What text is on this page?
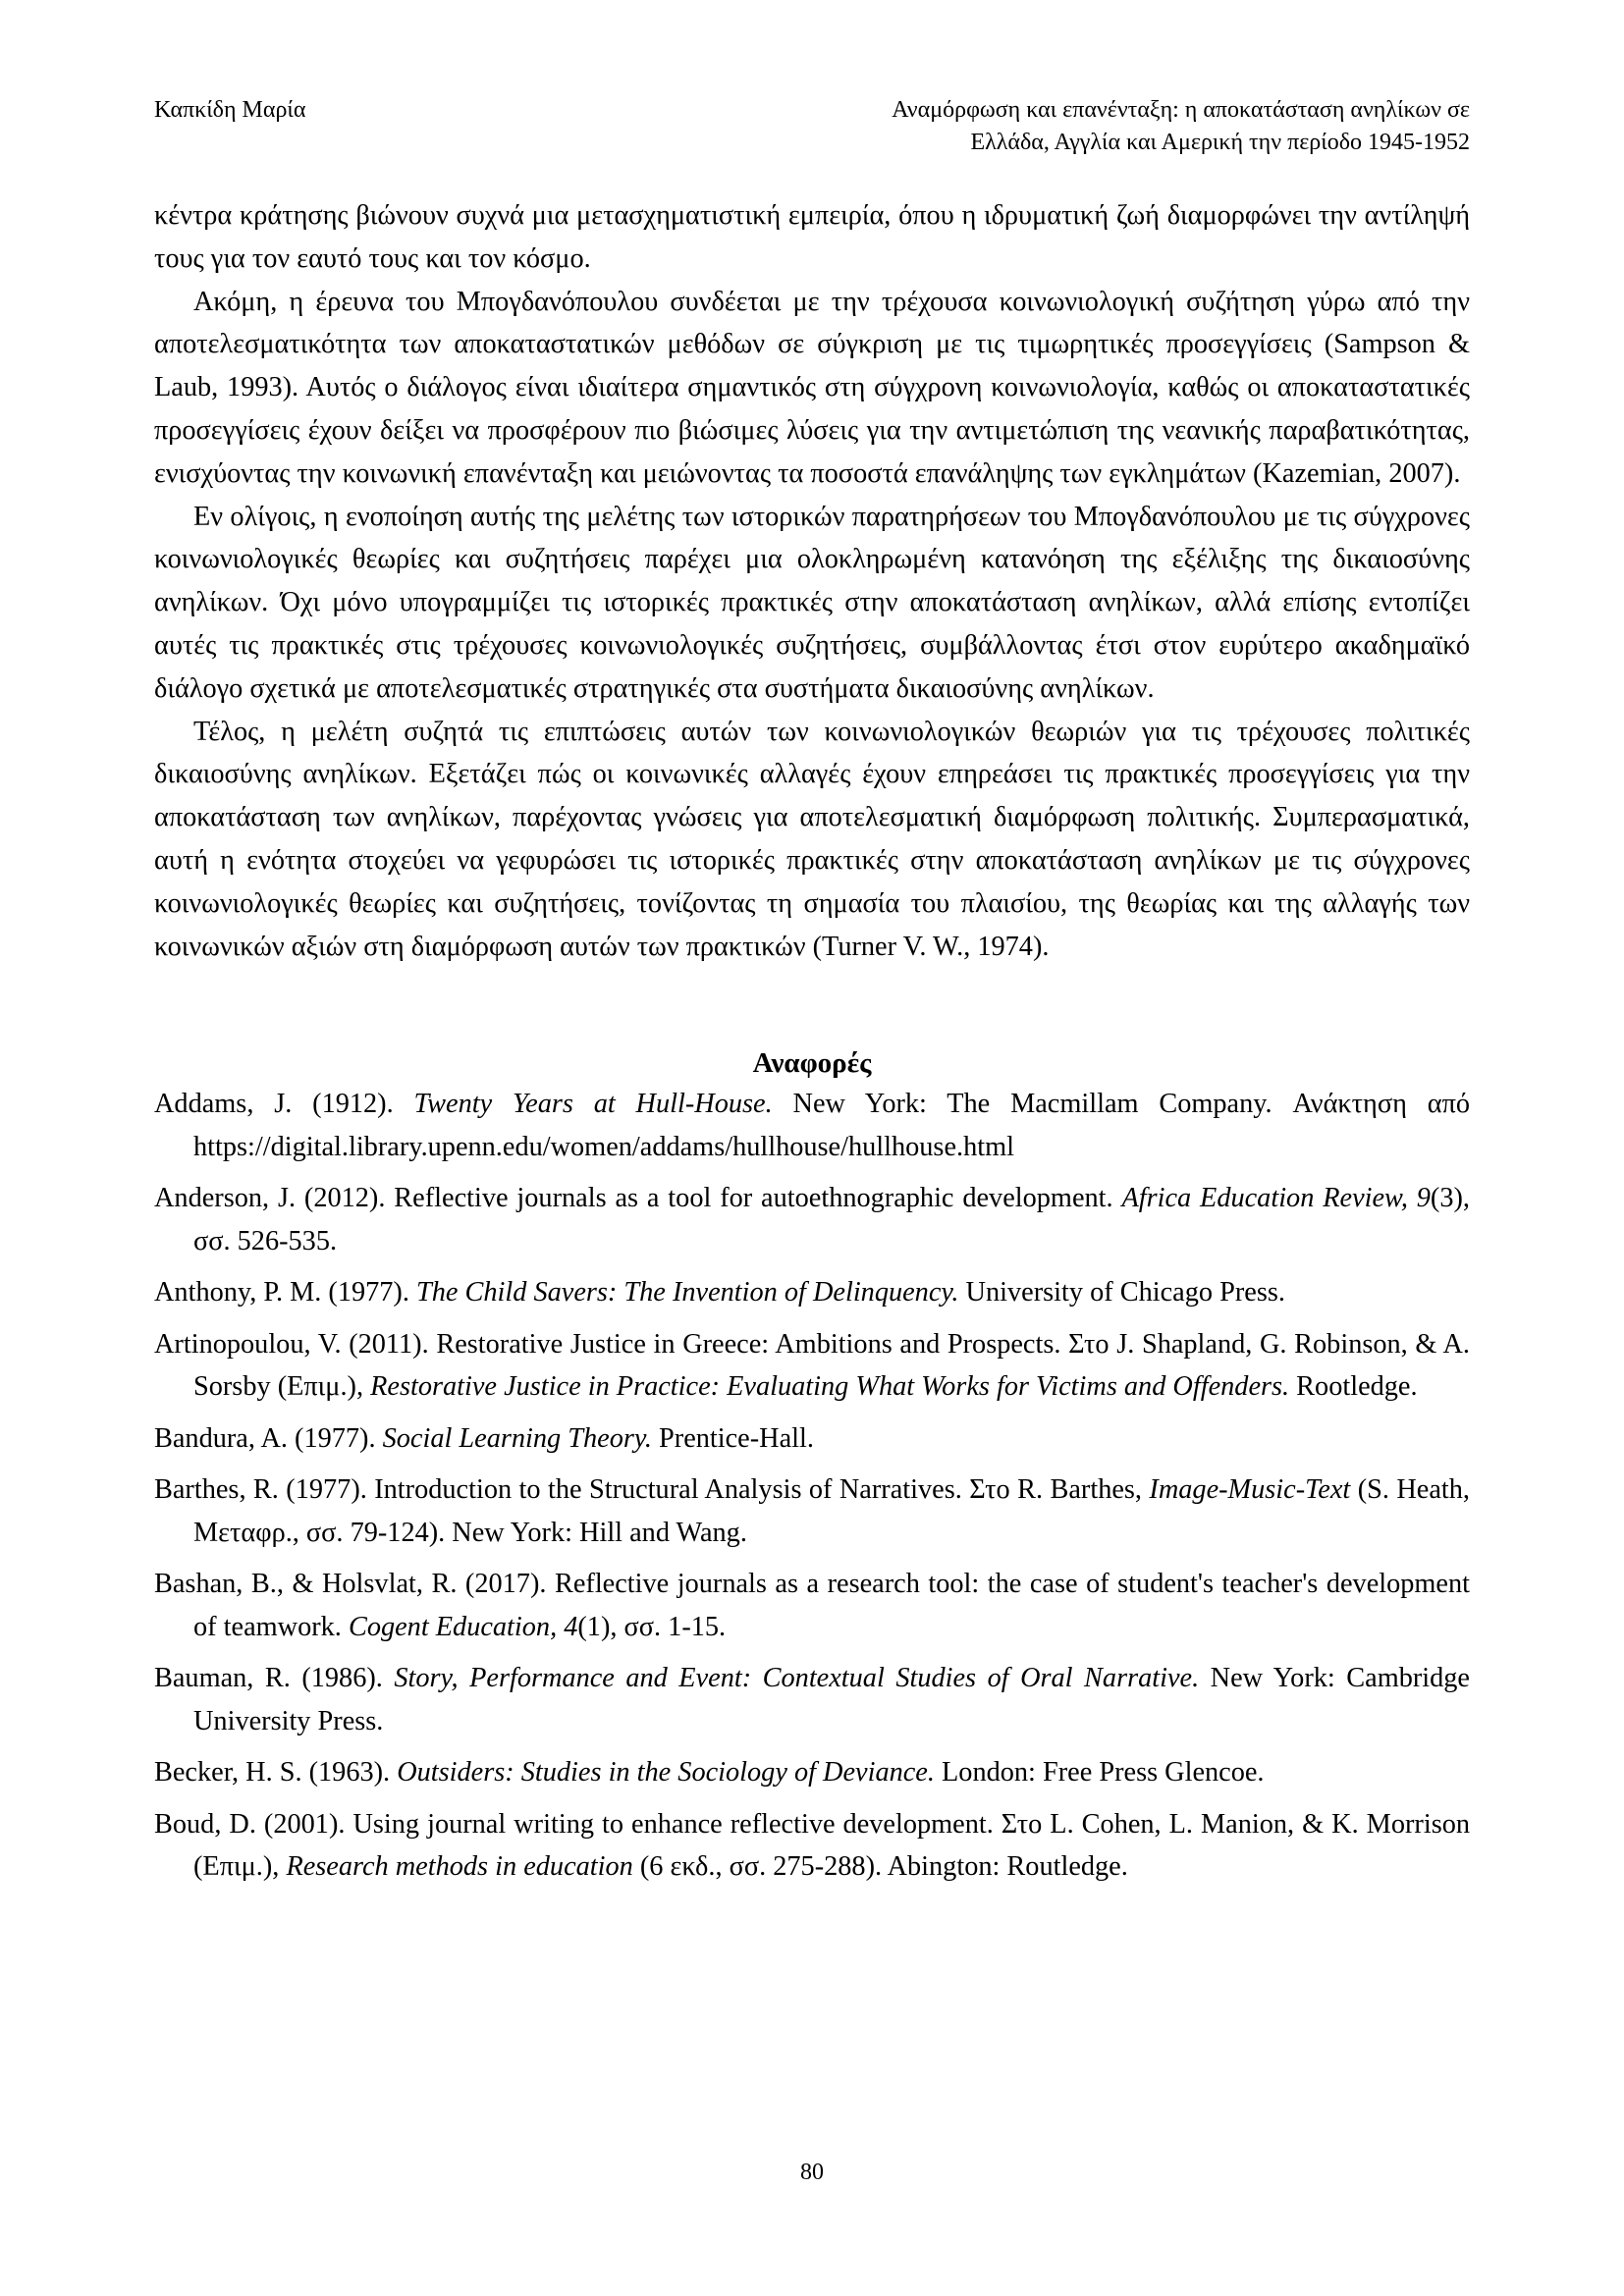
Καπκίδη Μαρία	Αναμόρφωση και επανένταξη: η αποκατάσταση ανηλίκων σε
Ελλάδα, Αγγλία και Αμερική την περίοδο 1945-1952

κέντρα κράτησης βιώνουν συχνά μια μετασχηματιστική εμπειρία, όπου η ιδρυματική ζωή διαμορφώνει την αντίληψή τους για τον εαυτό τους και τον κόσμο.

Ακόμη, η έρευνα του Μπογδανόπουλου συνδέεται με την τρέχουσα κοινωνιολογική συζήτηση γύρω από την αποτελεσματικότητα των αποκαταστατικών μεθόδων σε σύγκριση με τις τιμωρητικές προσεγγίσεις (Sampson & Laub, 1993). Αυτός ο διάλογος είναι ιδιαίτερα σημαντικός στη σύγχρονη κοινωνιολογία, καθώς οι αποκαταστατικές προσεγγίσεις έχουν δείξει να προσφέρουν πιο βιώσιμες λύσεις για την αντιμετώπιση της νεανικής παραβατικότητας, ενισχύοντας την κοινωνική επανένταξη και μειώνοντας τα ποσοστά επανάληψης των εγκλημάτων (Kazemian, 2007).

Εν ολίγοις, η ενοποίηση αυτής της μελέτης των ιστορικών παρατηρήσεων του Μπογδανόπουλου με τις σύγχρονες κοινωνιολογικές θεωρίες και συζητήσεις παρέχει μια ολοκληρωμένη κατανόηση της εξέλιξης της δικαιοσύνης ανηλίκων. Όχι μόνο υπογραμμίζει τις ιστορικές πρακτικές στην αποκατάσταση ανηλίκων, αλλά επίσης εντοπίζει αυτές τις πρακτικές στις τρέχουσες κοινωνιολογικές συζητήσεις, συμβάλλοντας έτσι στον ευρύτερο ακαδημαϊκό διάλογο σχετικά με αποτελεσματικές στρατηγικές στα συστήματα δικαιοσύνης ανηλίκων.

Τέλος, η μελέτη συζητά τις επιπτώσεις αυτών των κοινωνιολογικών θεωριών για τις τρέχουσες πολιτικές δικαιοσύνης ανηλίκων. Εξετάζει πώς οι κοινωνικές αλλαγές έχουν επηρεάσει τις πρακτικές προσεγγίσεις για την αποκατάσταση των ανηλίκων, παρέχοντας γνώσεις για αποτελεσματική διαμόρφωση πολιτικής. Συμπερασματικά, αυτή η ενότητα στοχεύει να γεφυρώσει τις ιστορικές πρακτικές στην αποκατάσταση ανηλίκων με τις σύγχρονες κοινωνιολογικές θεωρίες και συζητήσεις, τονίζοντας τη σημασία του πλαισίου, της θεωρίας και της αλλαγής των κοινωνικών αξιών στη διαμόρφωση αυτών των πρακτικών (Turner V. W., 1974).

Αναφορές
Addams, J. (1912). Twenty Years at Hull-House. New York: The Macmillam Company. Ανάκτηση από https://digital.library.upenn.edu/women/addams/hullhouse/hullhouse.html
Anderson, J. (2012). Reflective journals as a tool for autoethnographic development. Africa Education Review, 9(3), σσ. 526-535.
Anthony, P. M. (1977). The Child Savers: The Invention of Delinquency. University of Chicago Press.
Artinopoulou, V. (2011). Restorative Justice in Greece: Ambitions and Prospects. Στο J. Shapland, G. Robinson, & A. Sorsby (Επιμ.), Restorative Justice in Practice: Evaluating What Works for Victims and Offenders. Rootledge.
Bandura, A. (1977). Social Learning Theory. Prentice-Hall.
Barthes, R. (1977). Introduction to the Structural Analysis of Narratives. Στο R. Barthes, Image-Music-Text (S. Heath, Μεταφρ., σσ. 79-124). New York: Hill and Wang.
Bashan, B., & Holsvlat, R. (2017). Reflective journals as a research tool: the case of student's teacher's development of teamwork. Cogent Education, 4(1), σσ. 1-15.
Bauman, R. (1986). Story, Performance and Event: Contextual Studies of Oral Narrative. New York: Cambridge University Press.
Becker, H. S. (1963). Outsiders: Studies in the Sociology of Deviance. London: Free Press Glencoe.
Boud, D. (2001). Using journal writing to enhance reflective development. Στο L. Cohen, L. Manion, & K. Morrison (Επιμ.), Research methods in education (6 εκδ., σσ. 275-288). Abington: Routledge.
80
